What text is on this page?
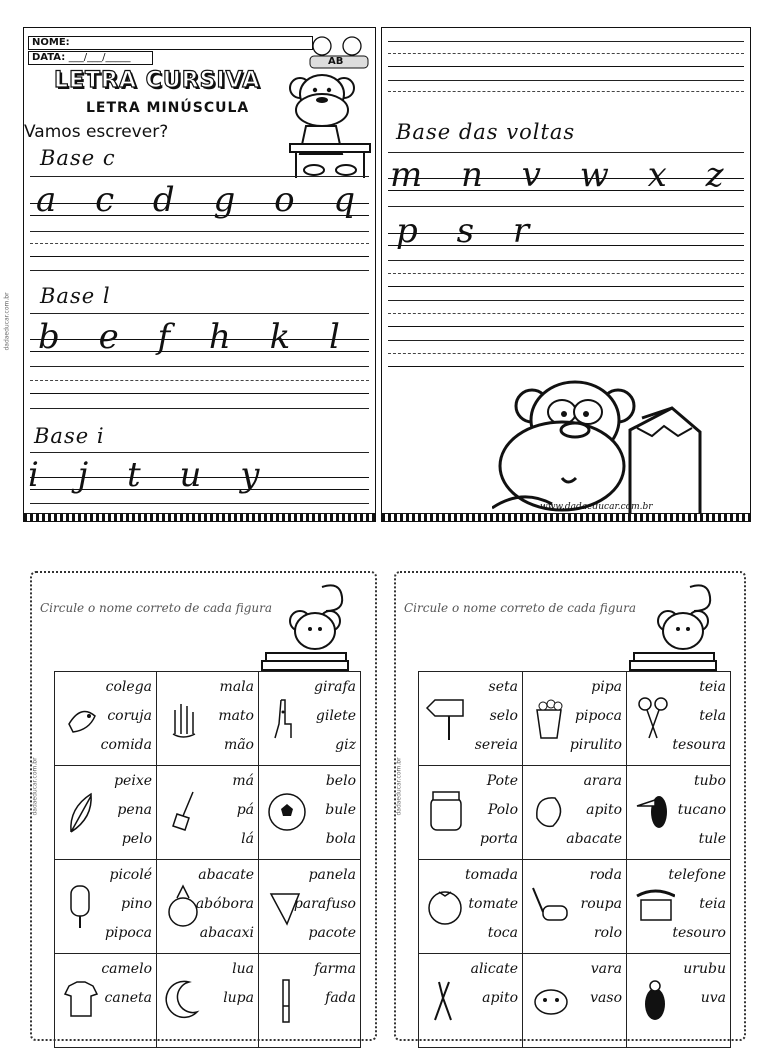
NOME:
DATA: ___/___/_____	AB
LETRA CURSIVA
LETRA MINÚSCULA
Vamos escrever?
Base c
a c d g o q
Base l
b e f h k l
Base i
i j t u y
dadaeducar.com.br
Base das voltas
m n v w x z
p s r
www.dadaeducar.com.br
Circule o nome correto de cada figura
dadaeducar.com.br
colega
coruja
comida
mala
mato
mão
girafa
gilete
giz
peixe
pena
pelo
má
pá
lá
belo
bule
bola
picolé
pino
pipoca
abacate
abóbora
abacaxi
panela
parafuso
pacote
camelo
caneta
lua
lupa
farma
fada
Circule o nome correto de cada figura
dadaeducar.com.br
seta
selo
sereia
pipa
pipoca
pirulito
teia
tela
tesoura
Pote
Polo
porta
arara
apito
abacate
tubo
tucano
tule
tomada
tomate
toca
roda
roupa
rolo
telefone
teia
tesouro
alicate
apito
vara
vaso
urubu
uva
